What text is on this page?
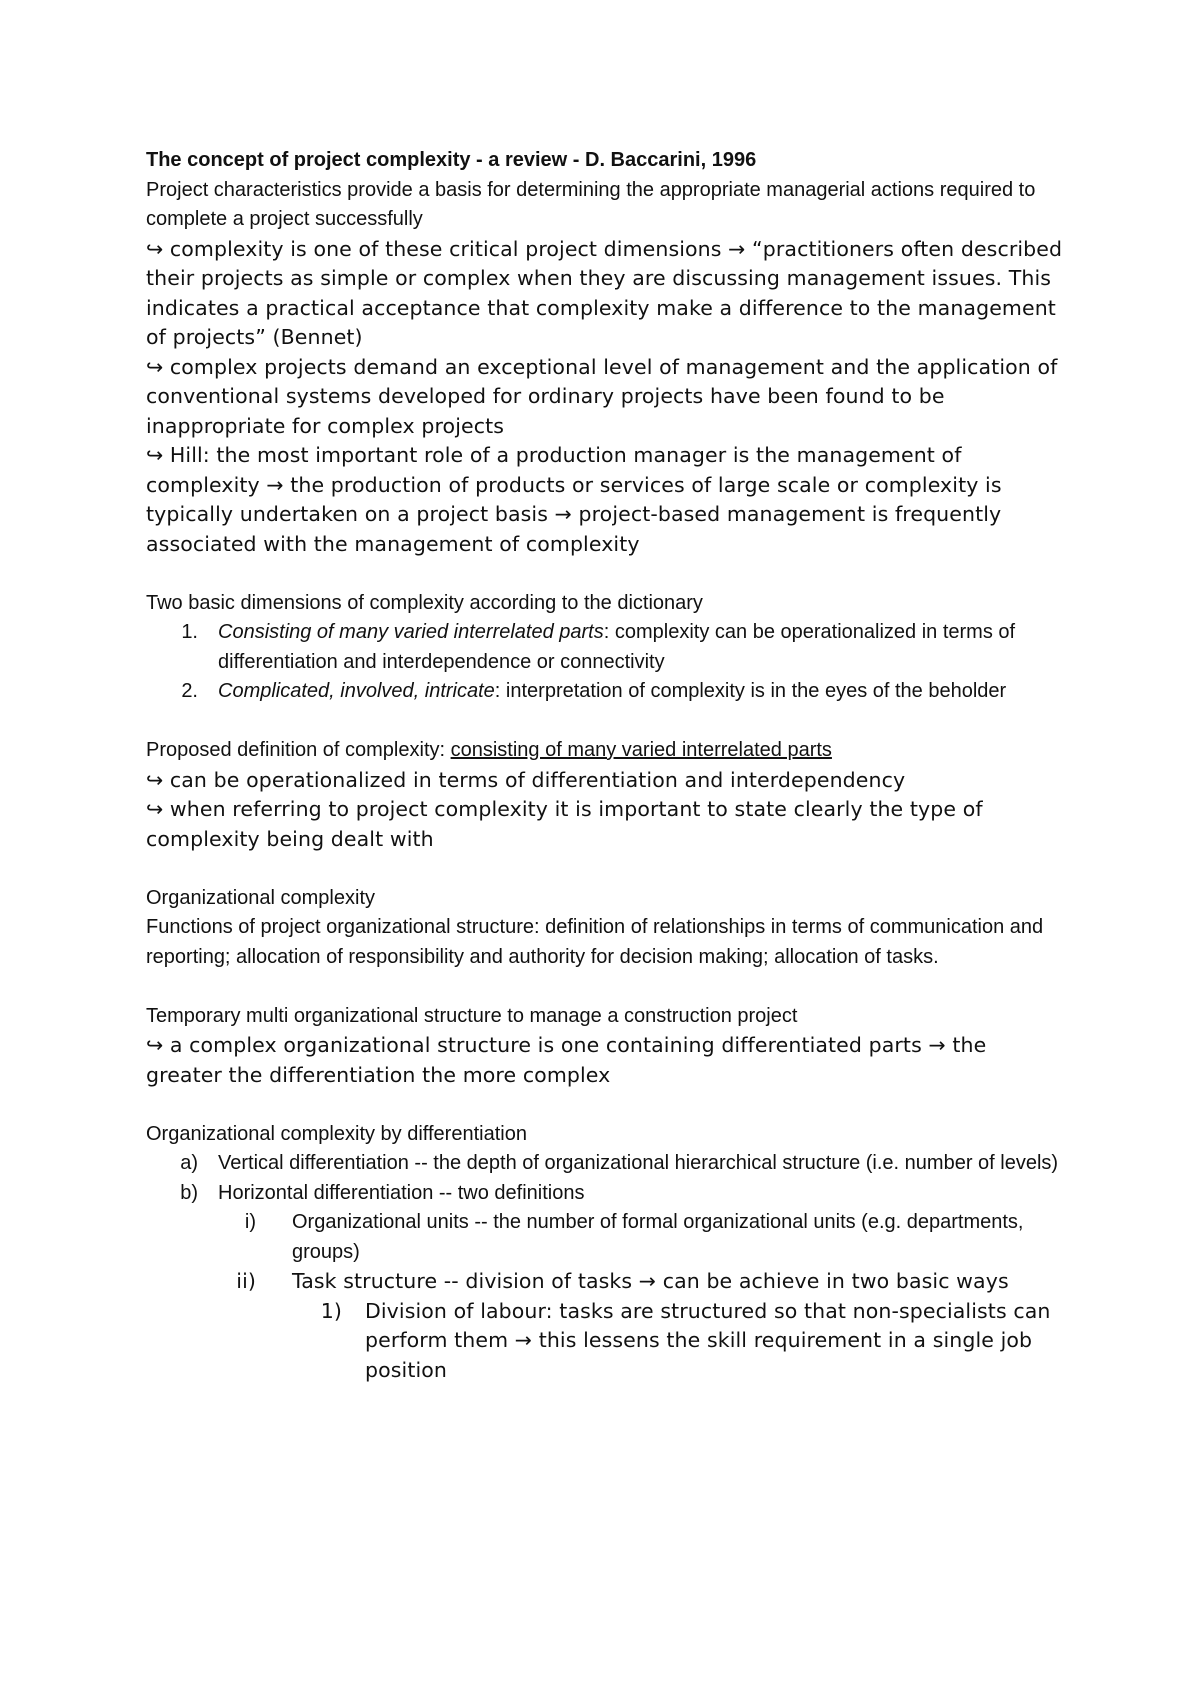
The concept of project complexity - a review - D. Baccarini, 1996

Project characteristics provide a basis for determining the appropriate managerial actions required to complete a project successfully

↪ complexity is one of these critical project dimensions → “practitioners often described their projects as simple or complex when they are discussing management issues. This indicates a practical acceptance that complexity make a difference to the management of projects” (Bennet)

↪ complex projects demand an exceptional level of management and the application of conventional systems developed for ordinary projects have been found to be inappropriate for complex projects

↪ Hill: the most important role of a production manager is the management of complexity → the production of products or services of large scale or complexity is typically undertaken on a project basis → project-based management is frequently associated with the management of complexity

Two basic dimensions of complexity according to the dictionary

1. Consisting of many varied interrelated parts: complexity can be operationalized in terms of differentiation and interdependence or connectivity
2. Complicated, involved, intricate: interpretation of complexity is in the eyes of the beholder

Proposed definition of complexity: consisting of many varied interrelated parts

↪ can be operationalized in terms of differentiation and interdependency

↪ when referring to project complexity it is important to state clearly the type of complexity being dealt with

Organizational complexity

Functions of project organizational structure: definition of relationships in terms of communication and reporting; allocation of responsibility and authority for decision making; allocation of tasks.

Temporary multi organizational structure to manage a construction project

↪ a complex organizational structure is one containing differentiated parts → the greater the differentiation the more complex

Organizational complexity by differentiation

a) Vertical differentiation -- the depth of organizational hierarchical structure (i.e. number of levels)
b) Horizontal differentiation -- two definitions
i) Organizational units -- the number of formal organizational units (e.g. departments, groups)
ii) Task structure -- division of tasks → can be achieve in two basic ways
1) Division of labour: tasks are structured so that non-specialists can perform them → this lessens the skill requirement in a single job position
